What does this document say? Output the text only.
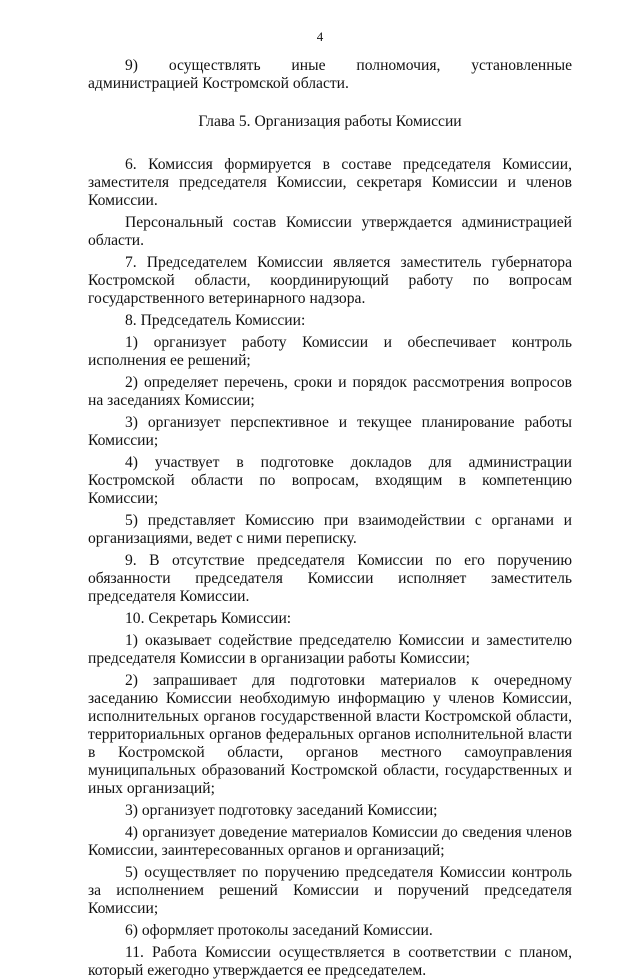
4

9) осуществлять иные полномочия, установленные администрацией Костромской области.

Глава 5. Организация работы Комиссии

6. Комиссия формируется в составе председателя Комиссии, заместителя председателя Комиссии, секретаря Комиссии и членов Комиссии.

Персональный состав Комиссии утверждается администрацией области.

7. Председателем Комиссии является заместитель губернатора Костромской области, координирующий работу по вопросам государственного ветеринарного надзора.

8. Председатель Комиссии:

1) организует работу Комиссии и обеспечивает контроль исполнения ее решений;

2) определяет перечень, сроки и порядок рассмотрения вопросов на заседаниях Комиссии;

3) организует перспективное и текущее планирование работы Комиссии;

4) участвует в подготовке докладов для администрации Костромской области по вопросам, входящим в компетенцию Комиссии;

5) представляет Комиссию при взаимодействии с органами и организациями, ведет с ними переписку.

9. В отсутствие председателя Комиссии по его поручению обязанности председателя Комиссии исполняет заместитель председателя Комиссии.

10. Секретарь Комиссии:

1) оказывает содействие председателю Комиссии и заместителю председателя Комиссии в организации работы Комиссии;

2) запрашивает для подготовки материалов к очередному заседанию Комиссии необходимую информацию у членов Комиссии, исполнительных органов государственной власти Костромской области, территориальных органов федеральных органов исполнительной власти в Костромской области, органов местного самоуправления муниципальных образований Костромской области, государственных и иных организаций;

3) организует подготовку заседаний Комиссии;

4) организует доведение материалов Комиссии до сведения членов Комиссии, заинтересованных органов и организаций;

5) осуществляет по поручению председателя Комиссии контроль за исполнением решений Комиссии и поручений председателя Комиссии;

6) оформляет протоколы заседаний Комиссии.

11. Работа Комиссии осуществляется в соответствии с планом, который ежегодно утверждается ее председателем.
